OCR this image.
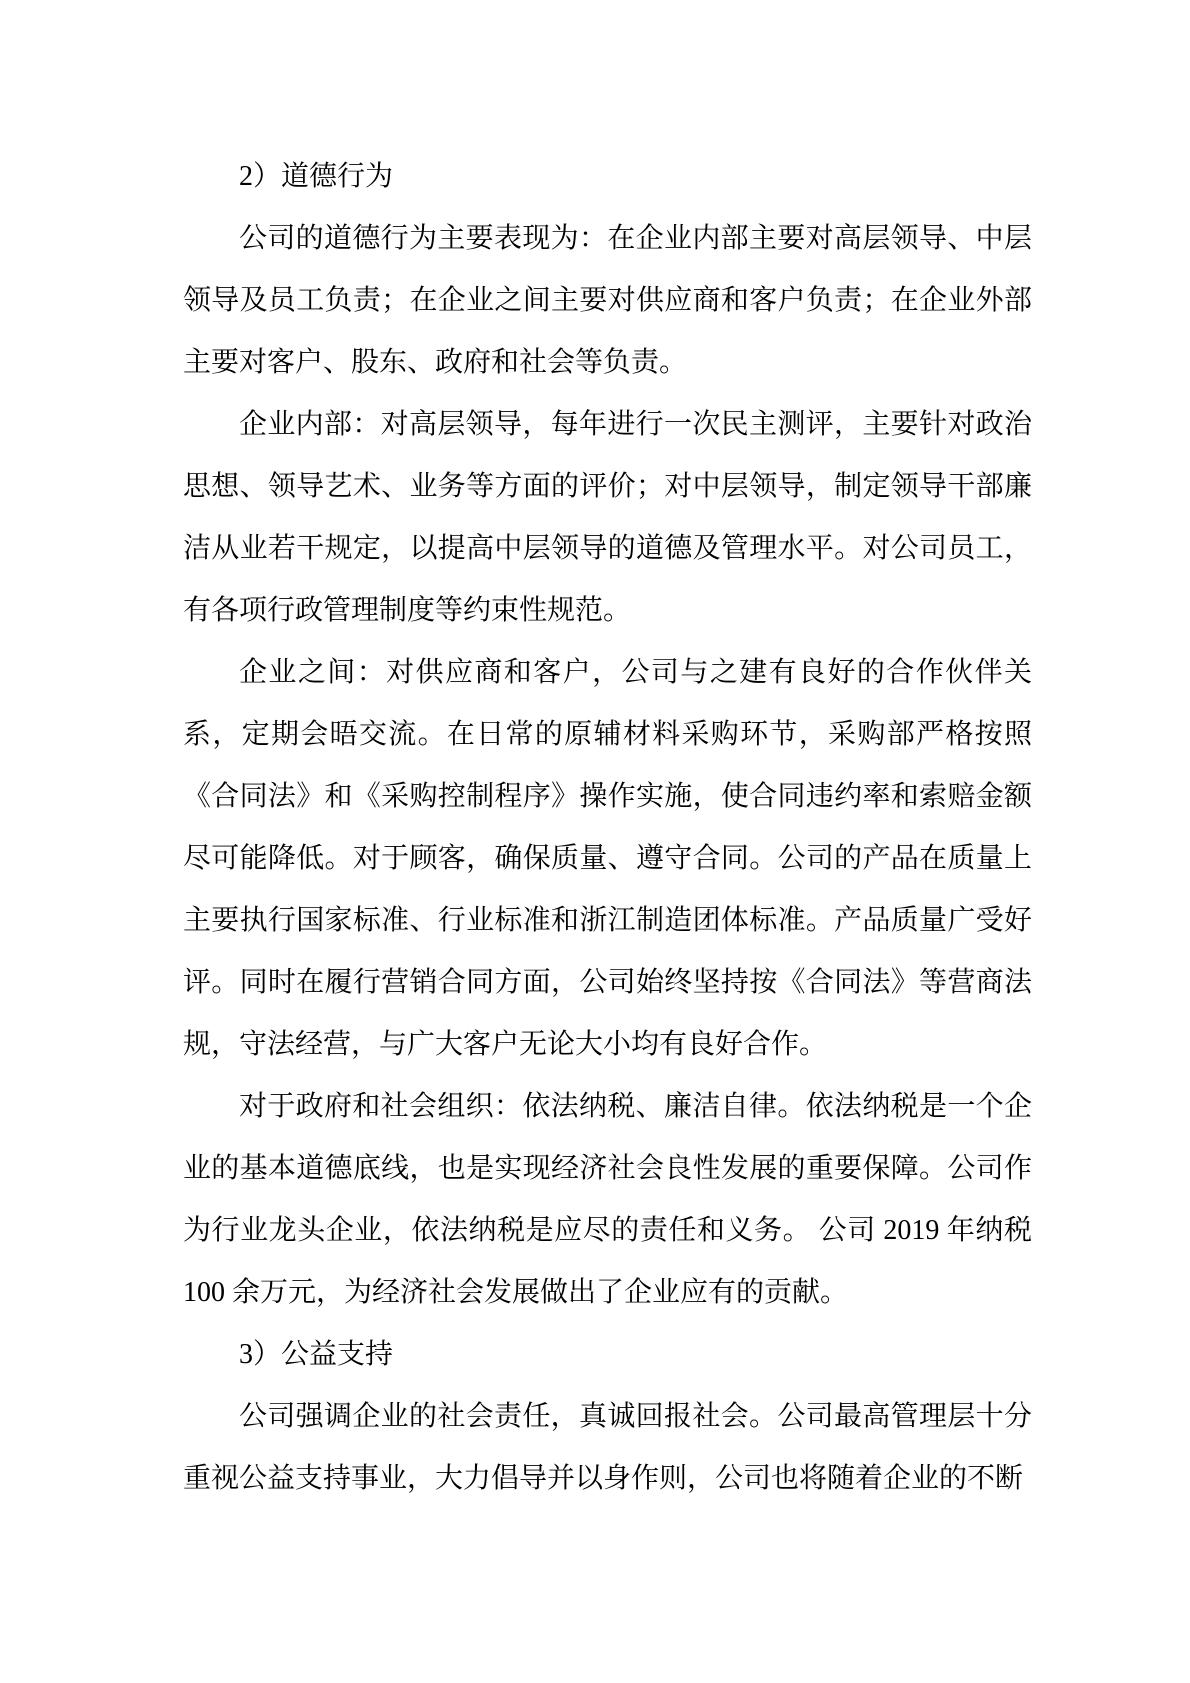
2）道德行为

公司的道德行为主要表现为：在企业内部主要对高层领导、中层领导及员工负责；在企业之间主要对供应商和客户负责；在企业外部主要对客户、股东、政府和社会等负责。

企业内部：对高层领导，每年进行一次民主测评，主要针对政治思想、领导艺术、业务等方面的评价；对中层领导，制定领导干部廉洁从业若干规定，以提高中层领导的道德及管理水平。对公司员工，有各项行政管理制度等约束性规范。

企业之间：对供应商和客户，公司与之建有良好的合作伙伴关系，定期会晤交流。在日常的原辅材料采购环节，采购部严格按照《合同法》和《采购控制程序》操作实施，使合同违约率和索赔金额尽可能降低。对于顾客，确保质量、遵守合同。公司的产品在质量上主要执行国家标准、行业标准和浙江制造团体标准。产品质量广受好评。同时在履行营销合同方面，公司始终坚持按《合同法》等营商法规，守法经营，与广大客户无论大小均有良好合作。

对于政府和社会组织：依法纳税、廉洁自律。依法纳税是一个企业的基本道德底线，也是实现经济社会良性发展的重要保障。公司作为行业龙头企业，依法纳税是应尽的责任和义务。 公司 2019 年纳税 100 余万元，为经济社会发展做出了企业应有的贡献。

3）公益支持

公司强调企业的社会责任，真诚回报社会。公司最高管理层十分重视公益支持事业，大力倡导并以身作则，公司也将随着企业的不断
